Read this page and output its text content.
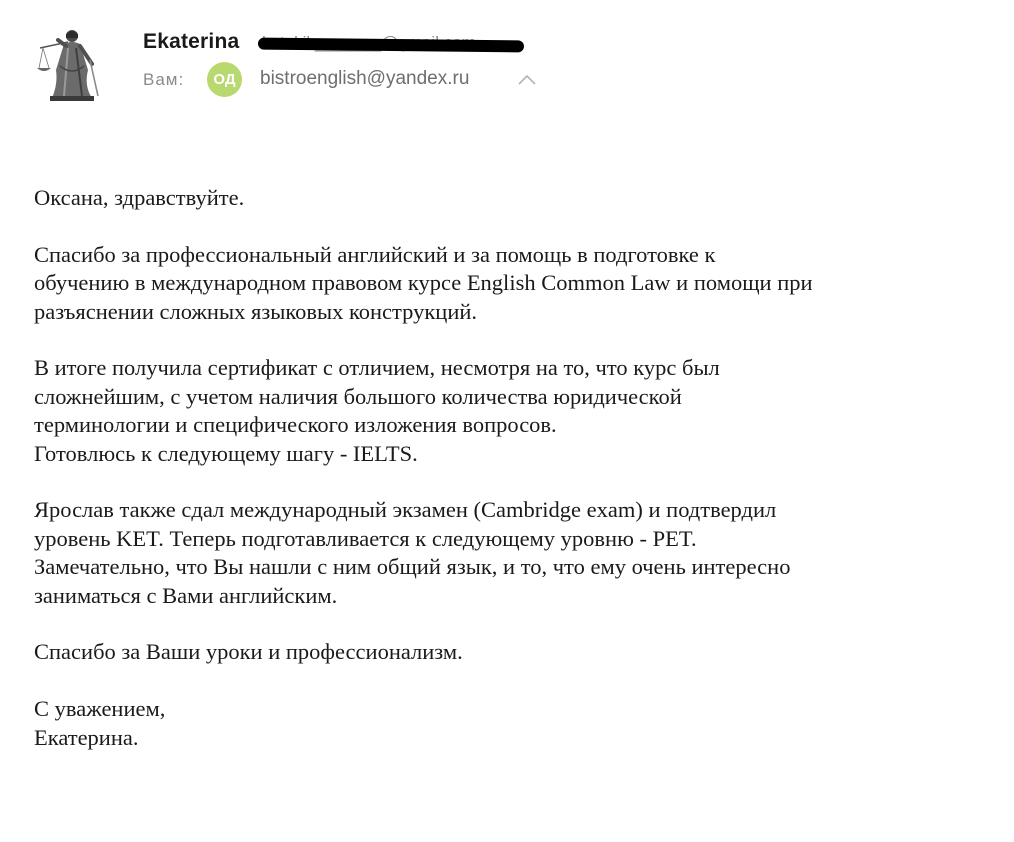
Ekaterina
Вам:	ОД	bistroenglish@yandex.ru

Оксана, здравствуйте.

Спасибо за профессиональный английский и за помощь в подготовке к
обучению в международном правовом курсе English Common Law и помощи при
разъяснении сложных языковых конструкций.

В итоге получила сертификат с отличием, несмотря на то, что курс был
сложнейшим, с учетом наличия большого количества юридической
терминологии и специфического изложения вопросов.
Готовлюсь к следующему шагу - IELTS.

Ярослав также сдал международный экзамен (Cambridge exam) и подтвердил
уровень KET. Теперь подготавливается к следующему уровню - PET.
Замечательно, что Вы нашли с ним общий язык, и то, что ему очень интересно
заниматься с Вами английским.

Спасибо за Ваши уроки и профессионализм.

С уважением,
Екатерина.
